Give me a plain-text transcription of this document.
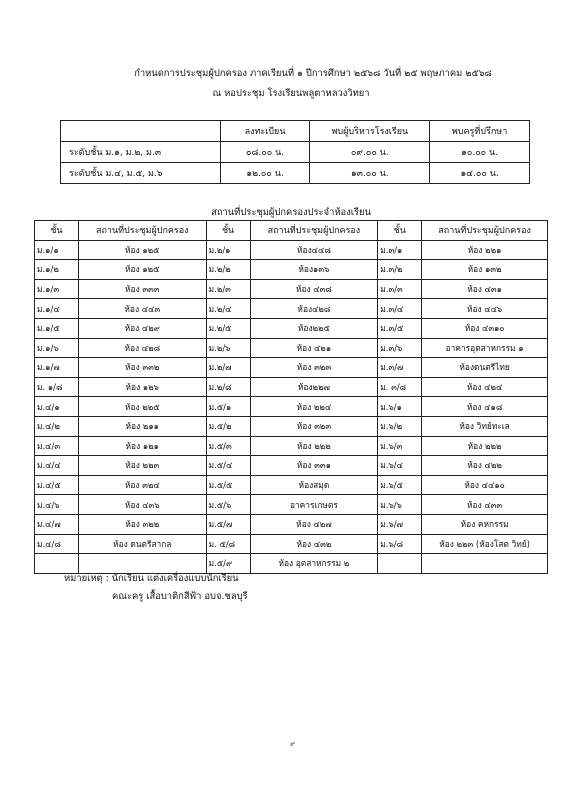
กำหนดการประชุมผู้ปกครอง ภาคเรียนที่ ๑ ปีการศึกษา ๒๕๖๘ วันที่ ๒๕ พฤษภาคม ๒๕๖๘
ณ หอประชุม โรงเรียนพลูตาหลวงวิทยา
	ลงทะเบียน	พบผู้บริหารโรงเรียน	พบครูที่ปรึกษา
ระดับชั้น ม.๑, ม.๒, ม.๓	๐๘.๐๐ น.	๐๙.๐๐ น.	๑๐.๐๐ น.
ระดับชั้น ม.๔, ม.๕, ม.๖	๑๒.๐๐ น.	๑๓.๐๐ น.	๑๔.๐๐ น.
สถานที่ประชุมผู้ปกครองประจำห้องเรียน
ชั้น	สถานที่ประชุมผู้ปกครอง	ชั้น	สถานที่ประชุมผู้ปกครอง	ชั้น	สถานที่ประชุมผู้ปกครอง
ม.๑/๑	ห้อง ๑๒๕	ม.๒/๑	ห้อง๔๔๘	ม.๓/๑	ห้อง ๒๒๑
ม.๑/๒	ห้อง ๑๒๕	ม.๒/๒	ห้อง๑๓๖	ม.๓/๒	ห้อง ๑๓๒
ม.๑/๓	ห้อง ๓๓๓	ม.๒/๓	ห้อง ๔๓๘	ม.๓/๓	ห้อง ๔๓๑
ม.๑/๔	ห้อง ๔๔๓	ม.๒/๔	ห้อง๔๒๘	ม.๓/๔	ห้อง ๔๔๖
ม.๑/๕	ห้อง ๔๒๙	ม.๒/๕	ห้อง๒๒๕	ม.๓/๕	ห้อง ๔๓๑๐
ม.๑/๖	ห้อง ๔๒๘	ม.๒/๖	ห้อง ๔๒๑	ม.๓/๖	อาคารอุตสาหกรรม ๑
ม.๑/๗	ห้อง ๓๓๒	ม.๒/๗	ห้อง ๓๒๓	ม.๓/๗	ห้องดนตรีไทย
ม. ๑/๘	ห้อง ๑๒๖	ม.๒/๘	ห้อง๒๒๗	ม. ๓/๘	ห้อง ๔๒๔
ม.๔/๑	ห้อง ๒๒๕	ม.๕/๑	ห้อง ๒๒๔	ม.๖/๑	ห้อง ๔๑๘
ม.๔/๒	ห้อง ๒๑๑	ม.๕/๒	ห้อง ๓๒๓	ม.๖/๒	ห้อง วิทย์ทะเล
ม.๔/๓	ห้อง ๑๒๑	ม.๕/๓	ห้อง ๒๒๒	ม.๖/๓	ห้อง ๒๒๒
ม.๔/๔	ห้อง ๒๒๓	ม.๕/๔	ห้อง ๓๓๑	ม.๖/๔	ห้อง ๔๒๒
ม.๔/๕	ห้อง ๓๒๔	ม.๕/๕	ห้องสมุด	ม.๖/๕	ห้อง ๔๔๑๐
ม.๔/๖	ห้อง ๔๓๖	ม.๕/๖	อาคารเกษตร	ม.๖/๖	ห้อง ๔๓๓
ม.๔/๗	ห้อง ๓๒๒	ม.๕/๗	ห้อง ๔๒๗	ม.๖/๗	ห้อง คหกรรม
ม.๔/๘	ห้อง ดนตรีสากล	ม. ๕/๘	ห้อง ๔๓๒	ม.๖/๘	ห้อง ๒๒๓ (ห้องโสต วิทย์)
		ม.๕/๙	ห้อง อุตสาหกรรม ๒		
หมายเหตุ : นักเรียน แต่งเครื่องแบบนักเรียน
คณะครู เสื้อบาติกสีฟ้า อบจ.ชลบุรี
๙
